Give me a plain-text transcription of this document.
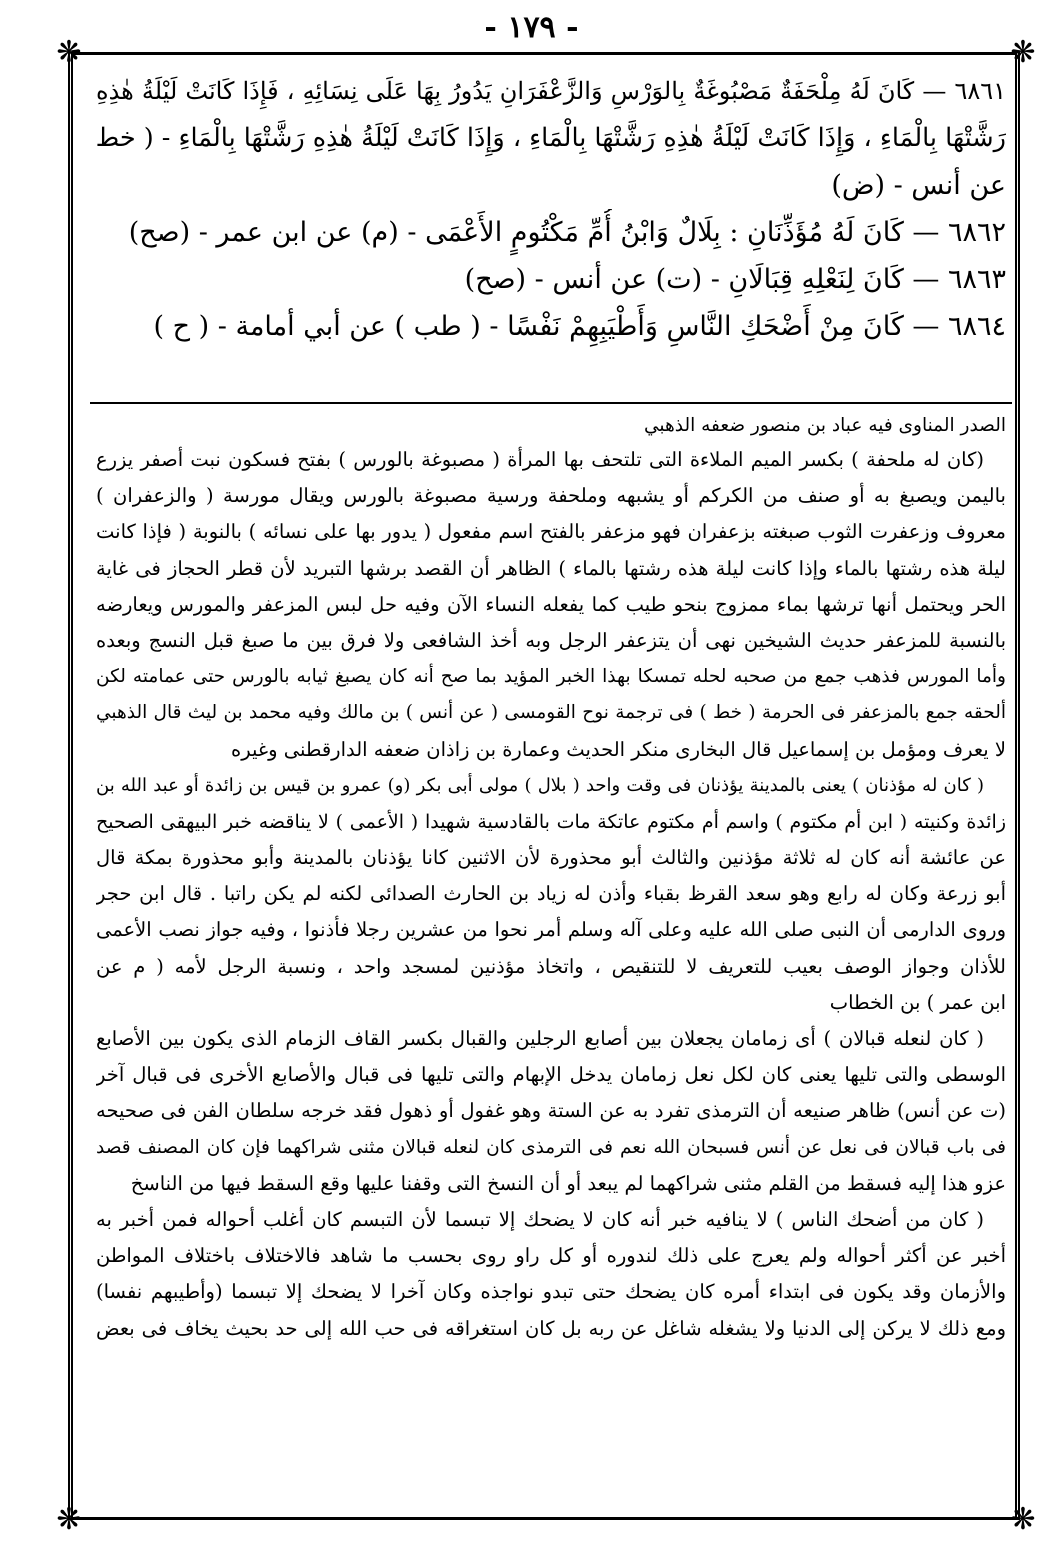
- ١٧٩ -
❋	❋
❋	❋
٦٨٦١ — كَانَ لَهُ مِلْحَفَةٌ مَصْبُوغَةٌ بِالوَرْسِ وَالزَّعْفَرَانِ يَدُورُ بِهَا عَلَى نِسَائِهِ ، فَإِذَا كَانَتْ لَيْلَةُ هٰذِهِ
رَشَّتْهَا بِالْمَاءِ ، وَإِذَا كَانَتْ لَيْلَةُ هٰذِهِ رَشَّتْهَا بِالْمَاءِ ، وَإِذَا كَانَتْ لَيْلَةُ هٰذِهِ رَشَّتْهَا بِالْمَاءِ - ( خط
عن أنس - (ض)
٦٨٦٢ — كَانَ لَهُ مُؤَذِّنَانِ : بِلَالٌ وَابْنُ أُمِّ مَكْتُومٍ الأَعْمَى - (م) عن ابن عمر - (صح)
٦٨٦٣ — كَانَ لِنَعْلِهِ قِبَالَانِ - (ت) عن أنس - (صح)
٦٨٦٤ — كَانَ مِنْ أَضْحَكِ النَّاسِ وَأَطْيَبِهِمْ نَفْسًا - ( طب ) عن أبي أمامة - ( ح )
الصدر المناوى فيه عباد بن منصور ضعفه الذهبي
(كان له ملحفة ) بكسر الميم الملاءة التى تلتحف بها المرأة ( مصبوغة بالورس ) بفتح فسكون نبت أصفر يزرع
باليمن ويصبغ به أو صنف من الكركم أو يشبهه وملحفة ورسية مصبوغة بالورس ويقال مورسة ( والزعفران )
معروف وزعفرت الثوب صبغته بزعفران فهو مزعفر بالفتح اسم مفعول ( يدور بها على نسائه ) بالنوبة ( فإذا كانت
ليلة هذه رشتها بالماء وإذا كانت ليلة هذه رشتها بالماء ) الظاهر أن القصد برشها التبريد لأن قطر الحجاز فى غاية
الحر ويحتمل أنها ترشها بماء ممزوج بنحو طيب كما يفعله النساء الآن وفيه حل لبس المزعفر والمورس ويعارضه
بالنسبة للمزعفر حديث الشيخين نهى أن يتزعفر الرجل وبه أخذ الشافعى ولا فرق بين ما صبغ قبل النسج وبعده
وأما المورس فذهب جمع من صحبه لحله تمسكا بهذا الخبر المؤيد بما صح أنه كان يصبغ ثيابه بالورس حتى عمامته لكن
ألحقه جمع بالمزعفر فى الحرمة ( خط ) فى ترجمة نوح القومسى ( عن أنس ) بن مالك وفيه محمد بن ليث قال الذهبي
لا يعرف ومؤمل بن إسماعيل قال البخارى منكر الحديث وعمارة بن زاذان ضعفه الدارقطنى وغيره
( كان له مؤذنان ) يعنى بالمدينة يؤذنان فى وقت واحد ( بلال ) مولى أبى بكر (و) عمرو بن قيس بن زائدة أو عبد الله بن
زائدة وكنيته ( ابن أم مكتوم ) واسم أم مكتوم عاتكة مات بالقادسية شهيدا ( الأعمى ) لا يناقضه خبر البيهقى الصحيح
عن عائشة أنه كان له ثلاثة مؤذنين والثالث أبو محذورة لأن الاثنين كانا يؤذنان بالمدينة وأبو محذورة بمكة قال
أبو زرعة وكان له رابع وهو سعد القرظ بقباء وأذن له زياد بن الحارث الصدائى لكنه لم يكن راتبا . قال ابن حجر
وروى الدارمى أن النبى صلى الله عليه وعلى آله وسلم أمر نحوا من عشرين رجلا فأذنوا ، وفيه جواز نصب الأعمى
للأذان وجواز الوصف بعيب للتعريف لا للتنقيص ، واتخاذ مؤذنين لمسجد واحد ، ونسبة الرجل لأمه ( م عن
ابن عمر ) بن الخطاب
( كان لنعله قبالان ) أى زمامان يجعلان بين أصابع الرجلين والقبال بكسر القاف الزمام الذى يكون بين الأصابع
الوسطى والتى تليها يعنى كان لكل نعل زمامان يدخل الإبهام والتى تليها فى قبال والأصابع الأخرى فى قبال آخر
(ت عن أنس) ظاهر صنيعه أن الترمذى تفرد به عن الستة وهو غفول أو ذهول فقد خرجه سلطان الفن فى صحيحه
فى باب قبالان فى نعل عن أنس فسبحان الله نعم فى الترمذى كان لنعله قبالان مثنى شراكهما فإن كان المصنف قصد
عزو هذا إليه فسقط من القلم مثنى شراكهما لم يبعد أو أن النسخ التى وقفنا عليها وقع السقط فيها من الناسخ
( كان من أضحك الناس ) لا ينافيه خبر أنه كان لا يضحك إلا تبسما لأن التبسم كان أغلب أحواله فمن أخبر به
أخبر عن أكثر أحواله ولم يعرج على ذلك لندوره أو كل راو روى بحسب ما شاهد فالاختلاف باختلاف المواطن
والأزمان وقد يكون فى ابتداء أمره كان يضحك حتى تبدو نواجذه وكان آخرا لا يضحك إلا تبسما (وأطيبهم نفسا)
ومع ذلك لا يركن إلى الدنيا ولا يشغله شاغل عن ربه بل كان استغراقه فى حب الله إلى حد بحيث يخاف فى بعض
